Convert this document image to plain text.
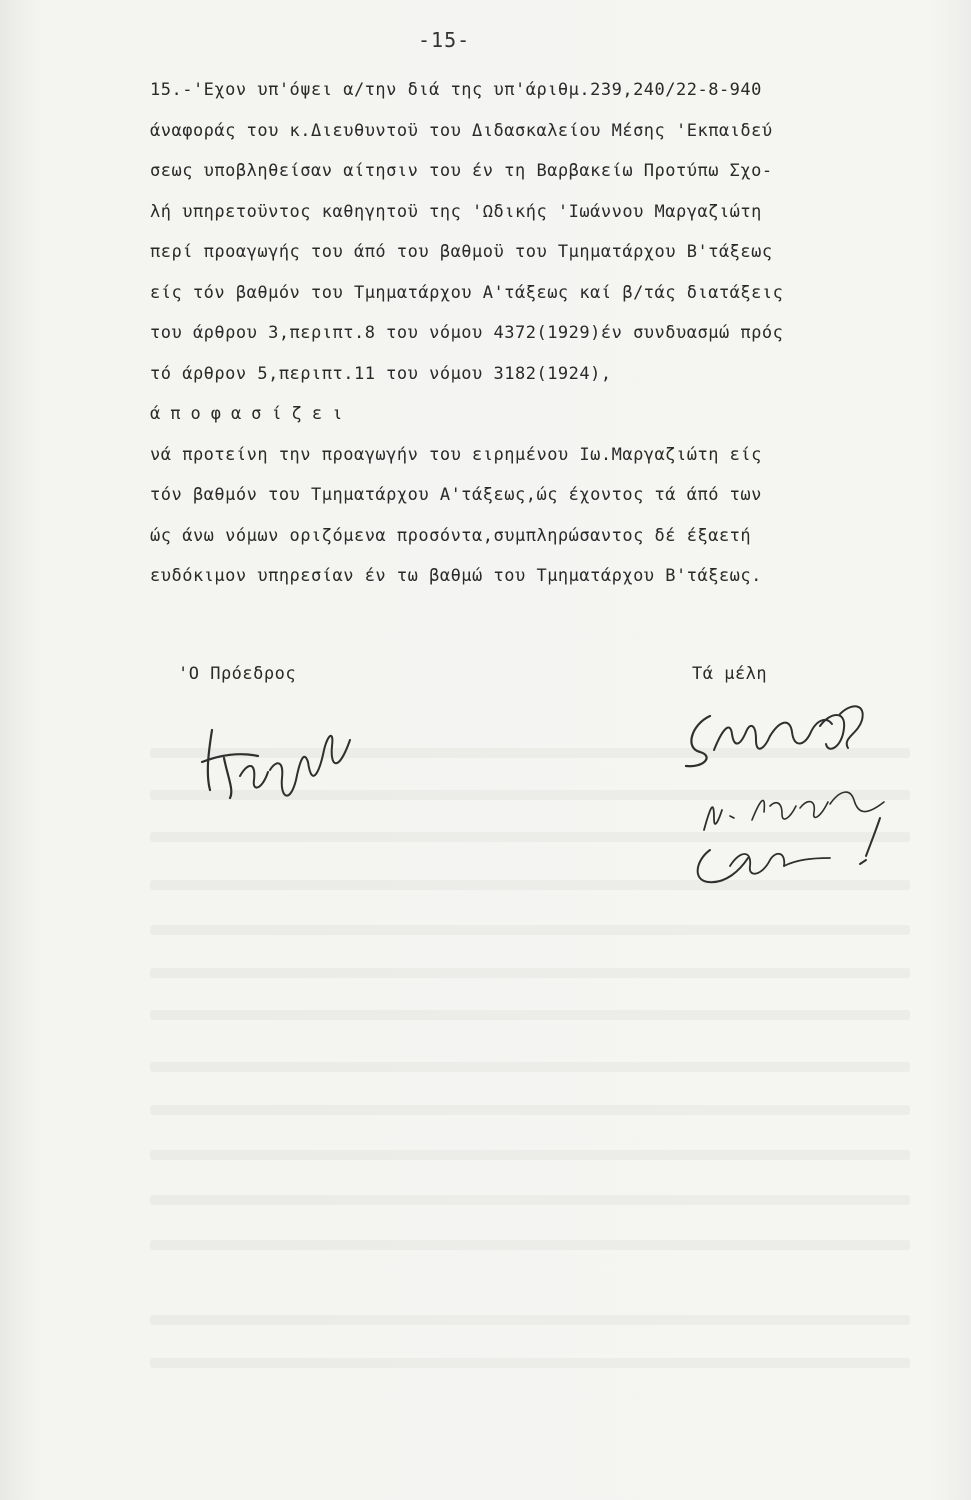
-15-
15.-'Εχον υπ'όψει α/την διά της υπ'άριθμ.239,240/22-8-940
άναφοράς του κ.Διευθυντοϋ του Διδασκαλείου Μέσης 'Εκπαιδεύ
σεως υποβληθείσαν αίτησιν του έν τη Βαρβακείω Προτύπω Σχο-
λή υπηρετοϋντος καθηγητοϋ της 'Ωδικής 'Ιωάννου Μαργαζιώτη
περί προαγωγής του άπό του βαθμοϋ του Τμηματάρχου Β'τάξεως
είς τόν βαθμόν του Τμηματάρχου Α'τάξεως καί β/τάς διατάξεις
του άρθρου 3,περιπτ.8 του νόμου 4372(1929)έν συνδυασμώ πρός
τό άρθρον 5,περιπτ.11 του νόμου 3182(1924),
άποφασίζει
νά προτείνη την προαγωγήν του ειρημένου Ιω.Μαργαζιώτη είς
τόν βαθμόν του Τμηματάρχου Α'τάξεως,ώς έχοντος τά άπό των
ώς άνω νόμων οριζόμενα προσόντα,συμπληρώσαντος δέ έξαετή
ευδόκιμον υπηρεσίαν έν τω βαθμώ του Τμηματάρχου Β'τάξεως.
'Ο Πρόεδρος	Τά μέλη
